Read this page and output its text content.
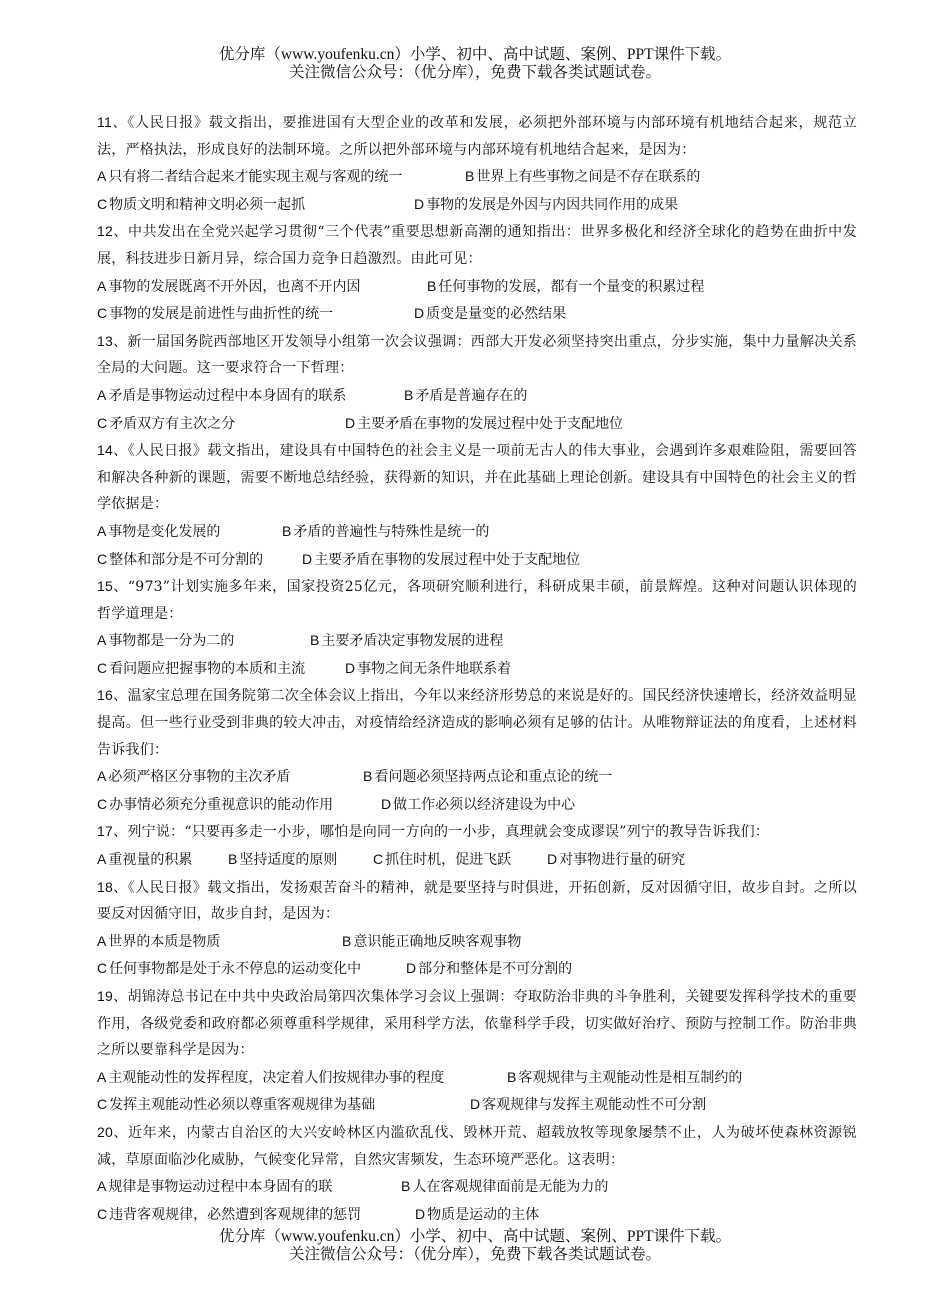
优分库（www.youfenku.cn）小学、初中、高中试题、案例、PPT课件下载。
关注微信公众号：（优分库），免费下载各类试题试卷。

11、《人民日报》载文指出，要推进国有大型企业的改革和发展，必须把外部环境与内部环境有机地结合起来，规范立法，严格执法，形成良好的法制环境。之所以把外部环境与内部环境有机地结合起来，是因为：

A 只有将二者结合起来才能实现主观与客观的统一	B 世界上有些事物之间是不存在联系的
C 物质文明和精神文明必须一起抓	D 事物的发展是外因与内因共同作用的成果

12、中共发出在全党兴起学习贯彻“三个代表”重要思想新高潮的通知指出：世界多极化和经济全球化的趋势在曲折中发展，科技进步日新月异，综合国力竞争日趋激烈。由此可见：

A 事物的发展既离不开外因，也离不开内因	B 任何事物的发展，都有一个量变的积累过程
C 事物的发展是前进性与曲折性的统一	D 质变是量变的必然结果

13、新一届国务院西部地区开发领导小组第一次会议强调：西部大开发必须坚持突出重点，分步实施，集中力量解决关系全局的大问题。这一要求符合一下哲理：

A 矛盾是事物运动过程中本身固有的联系	B 矛盾是普遍存在的
C 矛盾双方有主次之分	D 主要矛盾在事物的发展过程中处于支配地位

14、《人民日报》载文指出，建设具有中国特色的社会主义是一项前无古人的伟大事业，会遇到许多艰难险阻，需要回答和解决各种新的课题，需要不断地总结经验，获得新的知识，并在此基础上理论创新。建设具有中国特色的社会主义的哲学依据是：

A 事物是变化发展的	B 矛盾的普遍性与特殊性是统一的
C 整体和部分是不可分割的	D 主要矛盾在事物的发展过程中处于支配地位

15、“973”计划实施多年来，国家投资25亿元，各项研究顺利进行，科研成果丰硕，前景辉煌。这种对问题认识体现的哲学道理是：

A 事物都是一分为二的	B 主要矛盾决定事物发展的进程
C 看问题应把握事物的本质和主流	D 事物之间无条件地联系着

16、温家宝总理在国务院第二次全体会议上指出，今年以来经济形势总的来说是好的。国民经济快速增长，经济效益明显提高。但一些行业受到非典的较大冲击，对疫情给经济造成的影响必须有足够的估计。从唯物辩证法的角度看，上述材料告诉我们：

A 必须严格区分事物的主次矛盾	B 看问题必须坚持两点论和重点论的统一
C 办事情必须充分重视意识的能动作用	D 做工作必须以经济建设为中心

17、列宁说：“只要再多走一小步，哪怕是向同一方向的一小步，真理就会变成谬误”列宁的教导告诉我们：

A 重视量的积累	B 坚持适度的原则	C 抓住时机，促进飞跃	D 对事物进行量的研究

18、《人民日报》载文指出，发扬艰苦奋斗的精神，就是要坚持与时俱进，开拓创新，反对因循守旧，故步自封。之所以要反对因循守旧，故步自封，是因为：

A 世界的本质是物质	B 意识能正确地反映客观事物
C 任何事物都是处于永不停息的运动变化中	D 部分和整体是不可分割的

19、胡锦涛总书记在中共中央政治局第四次集体学习会议上强调：夺取防治非典的斗争胜利，关键要发挥科学技术的重要作用，各级党委和政府都必须尊重科学规律，采用科学方法，依靠科学手段，切实做好治疗、预防与控制工作。防治非典之所以要靠科学是因为：

A 主观能动性的发挥程度，决定着人们按规律办事的程度	B 客观规律与主观能动性是相互制约的
C 发挥主观能动性必须以尊重客观规律为基础	D 客观规律与发挥主观能动性不可分割

20、近年来，内蒙古自治区的大兴安岭林区内滥砍乱伐、毁林开荒、超载放牧等现象屡禁不止，人为破坏使森林资源锐减，草原面临沙化威胁，气候变化异常，自然灾害频发，生态环境严恶化。这表明：

A 规律是事物运动过程中本身固有的联	B 人在客观规律面前是无能为力的
C 违背客观规律，必然遭到客观规律的惩罚	D 物质是运动的主体
优分库（www.youfenku.cn）小学、初中、高中试题、案例、PPT课件下载。
关注微信公众号：（优分库），免费下载各类试题试卷。
